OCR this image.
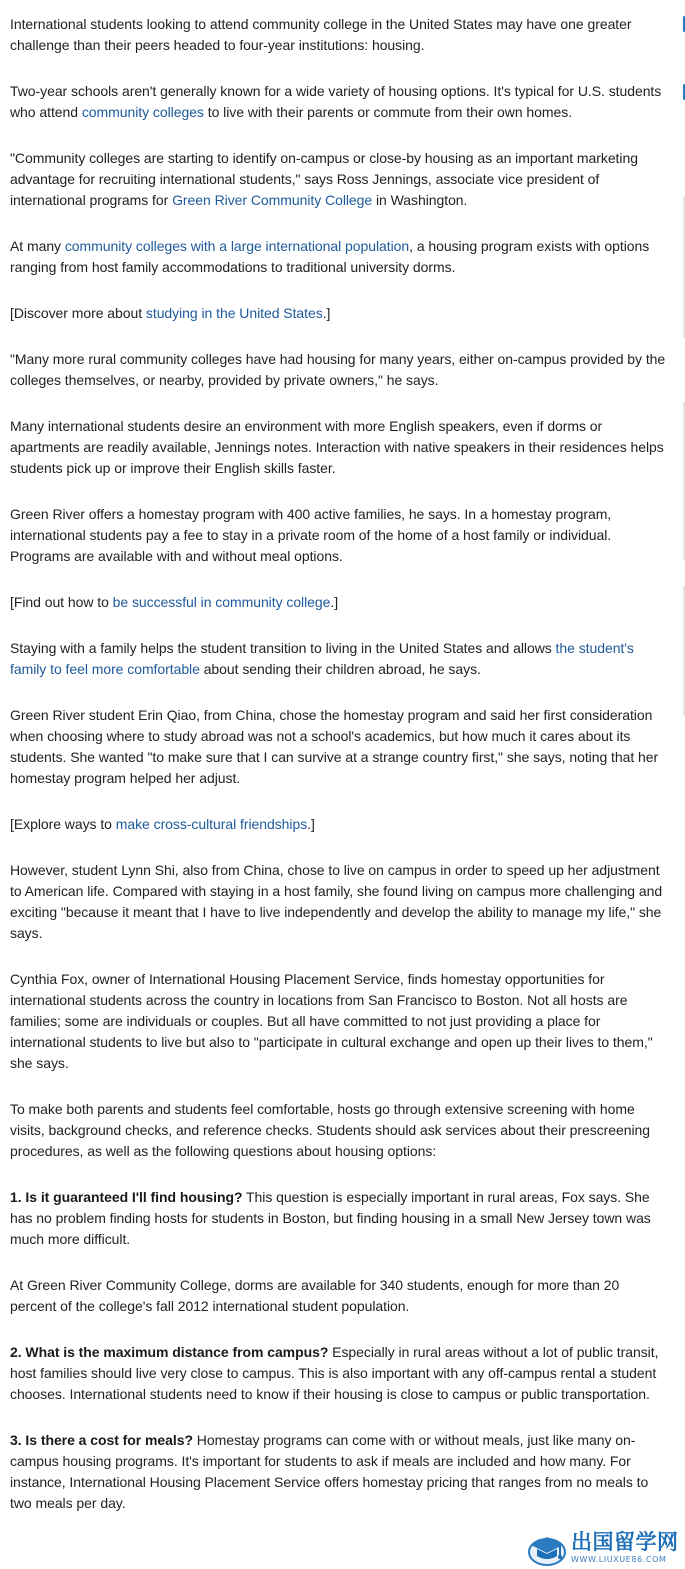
International students looking to attend community college in the United States may have one greater challenge than their peers headed to four-year institutions: housing.

Two-year schools aren't generally known for a wide variety of housing options. It's typical for U.S. students who attend community colleges to live with their parents or commute from their own homes.

"Community colleges are starting to identify on-campus or close-by housing as an important marketing advantage for recruiting international students," says Ross Jennings, associate vice president of international programs for Green River Community College in Washington.

At many community colleges with a large international population, a housing program exists with options ranging from host family accommodations to traditional university dorms.

[Discover more about studying in the United States.]

"Many more rural community colleges have had housing for many years, either on-campus provided by the colleges themselves, or nearby, provided by private owners," he says.

Many international students desire an environment with more English speakers, even if dorms or apartments are readily available, Jennings notes. Interaction with native speakers in their residences helps students pick up or improve their English skills faster.

Green River offers a homestay program with 400 active families, he says. In a homestay program, international students pay a fee to stay in a private room of the home of a host family or individual. Programs are available with and without meal options.

[Find out how to be successful in community college.]

Staying with a family helps the student transition to living in the United States and allows the student's family to feel more comfortable about sending their children abroad, he says.

Green River student Erin Qiao, from China, chose the homestay program and said her first consideration when choosing where to study abroad was not a school's academics, but how much it cares about its students. She wanted "to make sure that I can survive at a strange country first," she says, noting that her homestay program helped her adjust.

[Explore ways to make cross-cultural friendships.]

However, student Lynn Shi, also from China, chose to live on campus in order to speed up her adjustment to American life. Compared with staying in a host family, she found living on campus more challenging and exciting "because it meant that I have to live independently and develop the ability to manage my life," she says.

Cynthia Fox, owner of International Housing Placement Service, finds homestay opportunities for international students across the country in locations from San Francisco to Boston. Not all hosts are families; some are individuals or couples. But all have committed to not just providing a place for international students to live but also to "participate in cultural exchange and open up their lives to them," she says.

To make both parents and students feel comfortable, hosts go through extensive screening with home visits, background checks, and reference checks. Students should ask services about their prescreening procedures, as well as the following questions about housing options:

1. Is it guaranteed I'll find housing? This question is especially important in rural areas, Fox says. She has no problem finding hosts for students in Boston, but finding housing in a small New Jersey town was much more difficult.

At Green River Community College, dorms are available for 340 students, enough for more than 20 percent of the college's fall 2012 international student population.

2. What is the maximum distance from campus? Especially in rural areas without a lot of public transit, host families should live very close to campus. This is also important with any off-campus rental a student chooses. International students need to know if their housing is close to campus or public transportation.

3. Is there a cost for meals? Homestay programs can come with or without meals, just like many on-campus housing programs. It's important for students to ask if meals are included and how many. For instance, International Housing Placement Service offers homestay pricing that ranges from no meals to two meals per day.

出国留学网
WWW.LIUXUE86.COM
